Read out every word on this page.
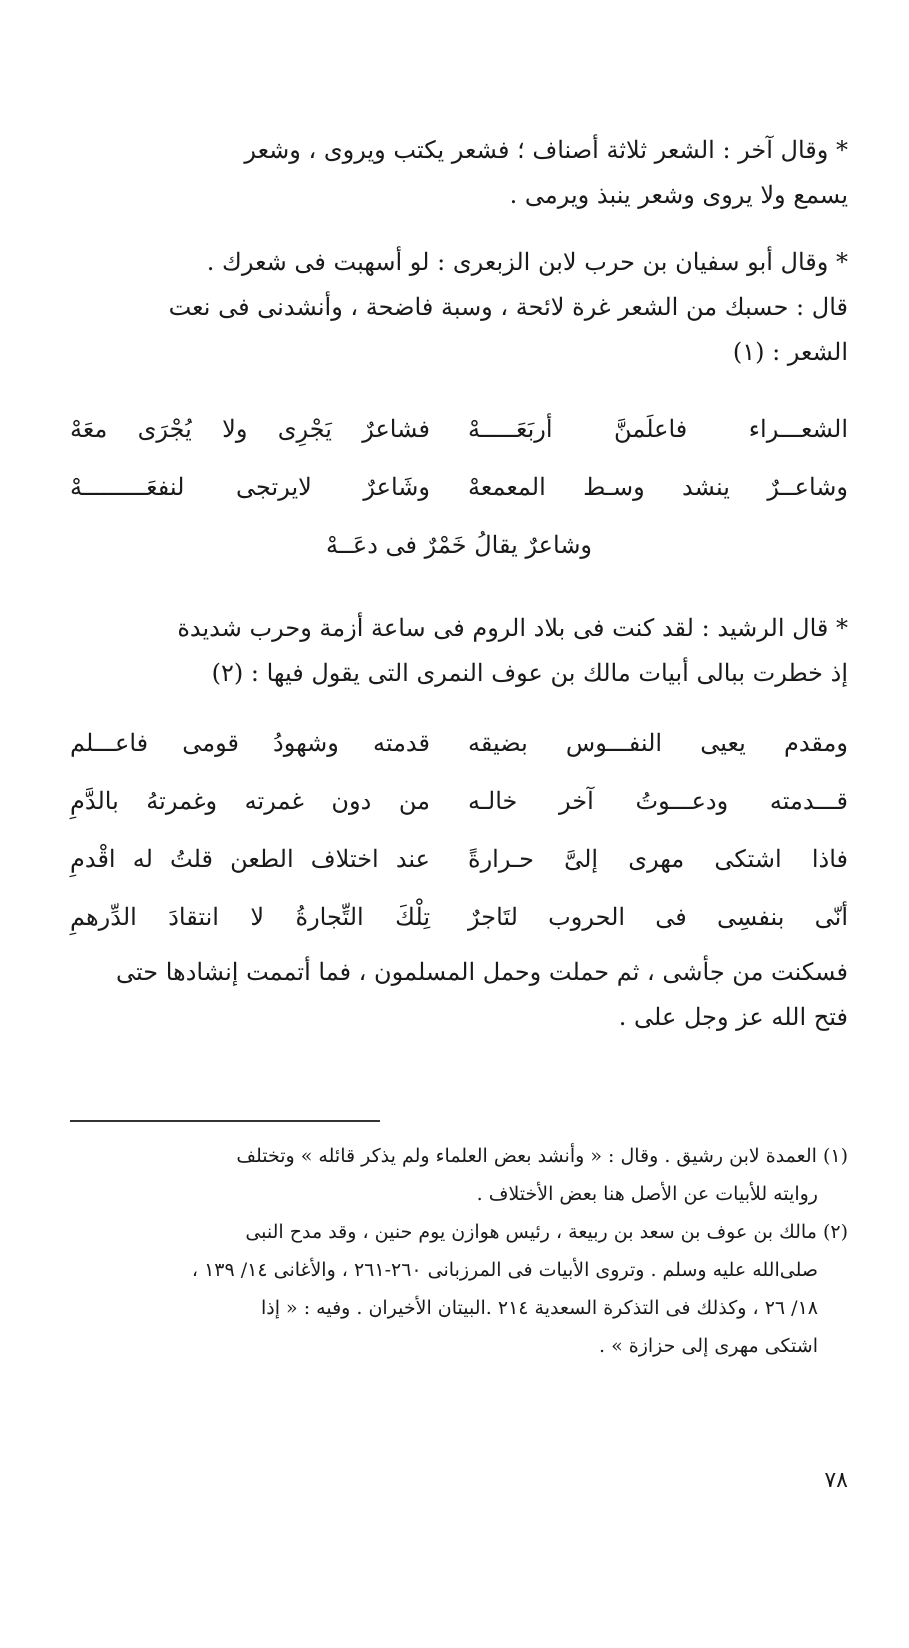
* وقال آخر : الشعر ثلاثة أصناف ؛ فشعر يكتب ويروى ، وشعر

يسمع ولا يروى وشعر ينبذ ويرمى .

* وقال أبو سفيان بن حرب لابن الزبعرى : لو أسهبت فى شعرك .

قال : حسبك من الشعر غرة لائحة ، وسبة فاضحة ، وأنشدنى فى نعت

الشعر : (١)

الشعـــراء فاعلَمنَّ أربَعَـــــهْ
فشاعرٌ يَجْرِى ولا يُجْرَى معَهْ
وشاعــرٌ ينشد وسـط المعمعهْ
وشَاعرٌ لايرتجى لنفعَـــــــــهْ
وشاعرٌ يقالُ خَمْرٌ فى دعَــهْ

* قال الرشيد : لقد كنت فى بلاد الروم فى ساعة أزمة وحرب شديدة

إذ خطرت ببالى أبيات مالك بن عوف النمرى التى يقول فيها : (٢)

ومقدم يعيى النفـــوس بضيقه
قدمته وشهودُ قومى فاعـــلم
قـــدمته ودعـــوتُ آخر خالـه
من دون غمرته وغمرتهُ بالدَّمِ
فاذا اشتكى مهرى إلىَّ حـرارةً
عند اختلاف الطعن قلتُ له اقْدمِ
أنّى بنفسِى فى الحروب لتَاجرٌ
تِلْكَ التِّجارةُ لا انتقادَ الدِّرهمِ

فسكنت من جأشى ، ثم حملت وحمل المسلمون ، فما أتممت إنشادها حتى

فتح الله عز وجل على .

(١) العمدة لابن رشيق . وقال : « وأنشد بعض العلماء ولم يذكر قائله » وتختلف
روايته للأبيات عن الأصل هنا بعض الأختلاف .

(٢) مالك بن عوف بن سعد بن ربيعة ، رئيس هوازن يوم حنين ، وقد مدح النبى
صلى‌الله عليه وسلم . وتروى الأبيات فى المرزبانى ٢٦٠-٢٦١ ، والأغانى ١٤/ ١٣٩ ،
١٨/ ٢٦ ، وكذلك فى التذكرة السعدية ٢١٤ .البيتان الأخيران . وفيه : « إذا
اشتكى مهرى إلى حزازة » .

٧٨
